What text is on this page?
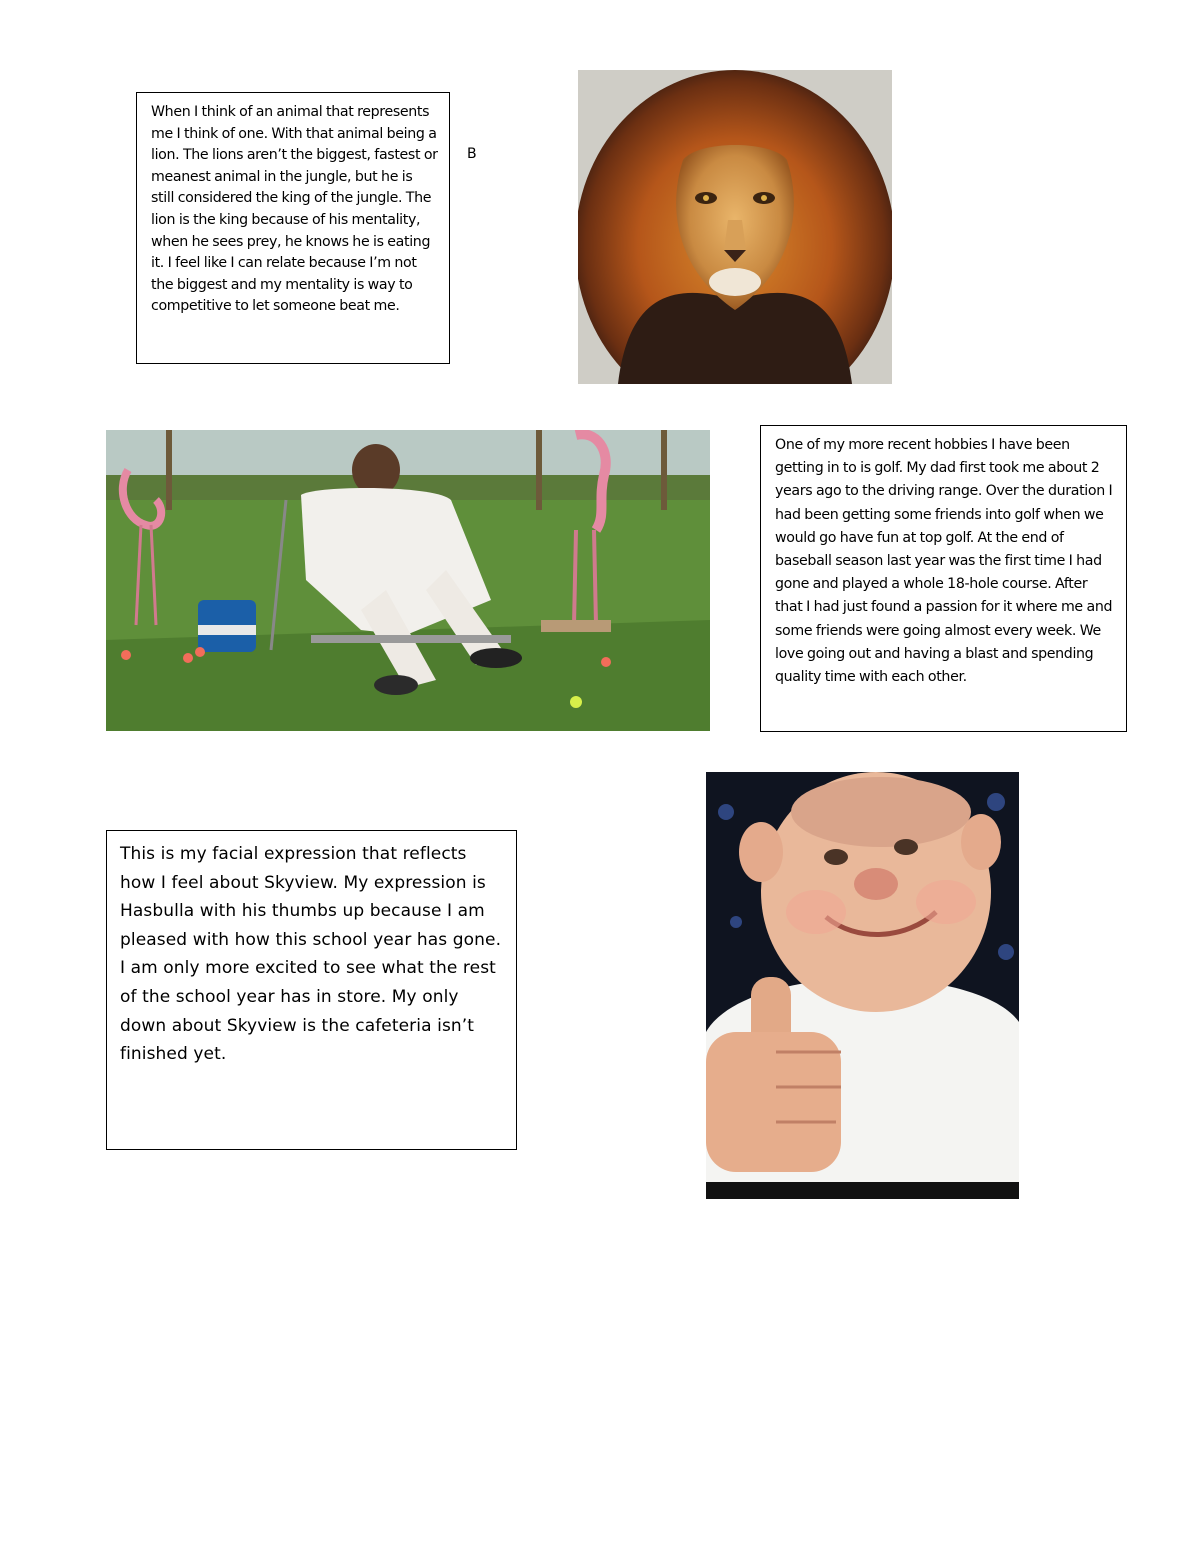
When I think of an animal that represents me I think of one. With that animal being a lion. The lions aren’t the biggest, fastest or meanest animal in the jungle, but he is still considered the king of the jungle. The lion is the king because of his mentality, when he sees prey, he knows he is eating it. I feel like I can relate because I’m not the biggest and my mentality is way to competitive to let someone beat me.
B
One of my more recent hobbies I have been getting in to is golf. My dad first took me about 2 years ago to the driving range. Over the duration I had been getting some friends into golf when we would go have fun at top golf. At the end of baseball season last year was the first time I had gone and played a whole 18-hole course. After that I had just found a passion for it where me and some friends were going almost every week. We love going out and having a blast and spending quality time with each other.
This is my facial expression that reflects how I feel about Skyview. My expression is Hasbulla with his thumbs up because I am pleased with how this school year has gone. I am only more excited to see what the rest of the school year has in store. My only down about Skyview is the cafeteria isn’t finished yet.
